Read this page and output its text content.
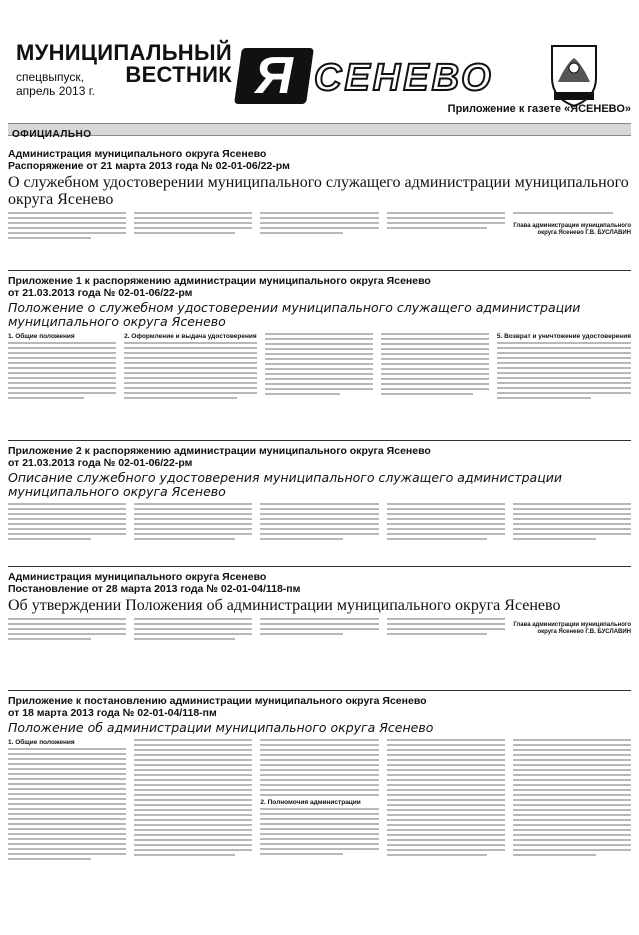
МУНИЦИПАЛЬНЫЙ
ВЕСТНИК
спецвыпуск,
апрель 2013 г.	Я СЕНЕВО
Приложение к газете «ЯСЕНЕВО»
ОФИЦИАЛЬНО
Администрация муниципального округа Ясенево
Распоряжение от 21 марта 2013 года № 02-01-06/22-рм
О служебном удостоверении муниципального служащего администрации муниципального округа Ясенево
Глава администрации муниципального округа Ясенево Г.В. БУСЛАВИН
Приложение 1 к распоряжению администрации муниципального округа Ясенево
от 21.03.2013 года № 02-01-06/22-рм
Положение о служебном удостоверении муниципального служащего администрации муниципального округа Ясенево
1. Общие положения	2. Оформление и выдача удостоверения	5. Возврат и уничтожение удостоверения
Приложение 2 к распоряжению администрации муниципального округа Ясенево
от 21.03.2013 года № 02-01-06/22-рм
Описание служебного удостоверения муниципального служащего администрации муниципального округа Ясенево
Администрация муниципального округа Ясенево
Постановление от 28 марта 2013 года № 02-01-04/118-пм
Об утверждении Положения об администрации муниципального округа Ясенево
Глава администрации муниципального округа Ясенево Г.В. БУСЛАВИН
Приложение к постановлению администрации муниципального округа Ясенево
от 18 марта 2013 года № 02-01-04/118-пм
Положение об администрации муниципального округа Ясенево
1. Общие положения
2. Полномочия администрации
